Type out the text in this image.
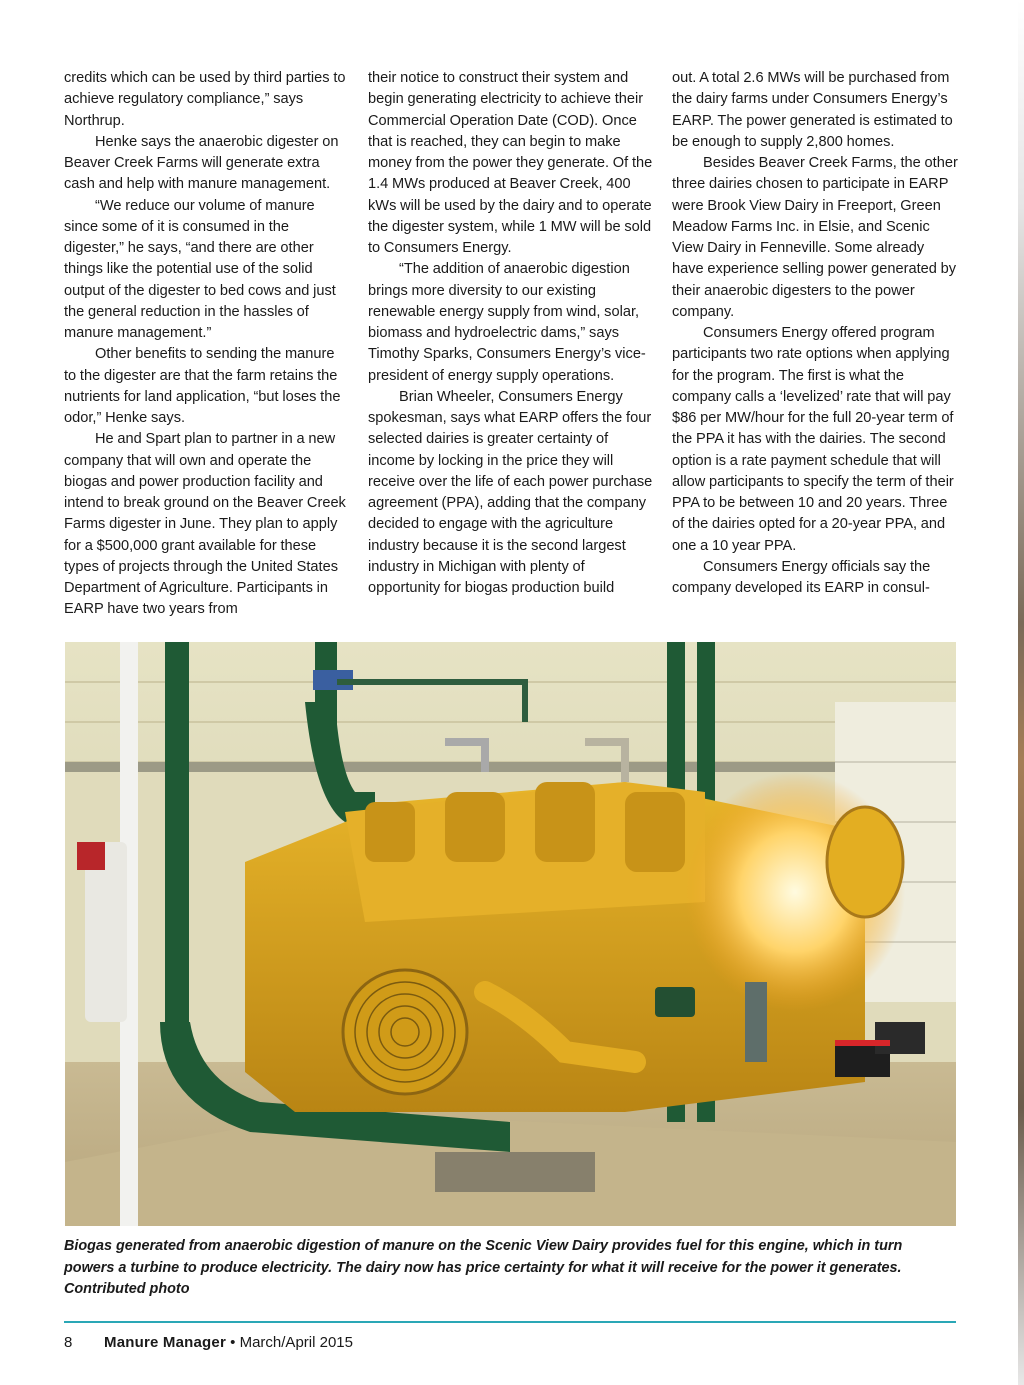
credits which can be used by third parties to achieve regulatory compliance,” says Northrup.

Henke says the anaerobic digester on Beaver Creek Farms will generate extra cash and help with manure management.

“We reduce our volume of manure since some of it is consumed in the digester,” he says, “and there are other things like the potential use of the solid output of the digester to bed cows and just the general reduction in the hassles of manure management.”

Other benefits to sending the manure to the digester are that the farm retains the nutrients for land application, “but loses the odor,” Henke says.

He and Spart plan to partner in a new company that will own and operate the biogas and power production facility and intend to break ground on the Beaver Creek Farms digester in June. They plan to apply for a $500,000 grant available for these types of projects through the United States Department of Agriculture. Participants in EARP have two years from

their notice to construct their system and begin generating electricity to achieve their Commercial Operation Date (COD). Once that is reached, they can begin to make money from the power they generate. Of the 1.4 MWs produced at Beaver Creek, 400 kWs will be used by the dairy and to operate the digester system, while 1 MW will be sold to Consumers Energy.

“The addition of anaerobic digestion brings more diversity to our existing renewable energy supply from wind, solar, biomass and hydroelectric dams,” says Timothy Sparks, Consumers Energy’s vice-president of energy supply operations.

Brian Wheeler, Consumers Energy spokesman, says what EARP offers the four selected dairies is greater certainty of income by locking in the price they will receive over the life of each power purchase agreement (PPA), adding that the company decided to engage with the agriculture industry because it is the second largest industry in Michigan with plenty of opportunity for biogas production build

out. A total 2.6 MWs will be purchased from the dairy farms under Consumers Energy’s EARP. The power generated is estimated to be enough to supply 2,800 homes.

Besides Beaver Creek Farms, the other three dairies chosen to participate in EARP were Brook View Dairy in Freeport, Green Meadow Farms Inc. in Elsie, and Scenic View Dairy in Fenneville. Some already have experience selling power generated by their anaerobic digesters to the power company.

Consumers Energy offered program participants two rate options when applying for the program. The first is what the company calls a ‘levelized’ rate that will pay $86 per MW/hour for the full 20-year term of the PPA it has with the dairies. The second option is a rate payment schedule that will allow participants to specify the term of their PPA to be between 10 and 20 years. Three of the dairies opted for a 20-year PPA, and one a 10 year PPA.

Consumers Energy officials say the company developed its EARP in consul-

Biogas generated from anaerobic digestion of manure on the Scenic View Dairy provides fuel for this engine, which in turn powers a turbine to produce electricity. The dairy now has price certainty for what it will receive for the power it generates. Contributed photo
8 Manure Manager • March/April 2015
